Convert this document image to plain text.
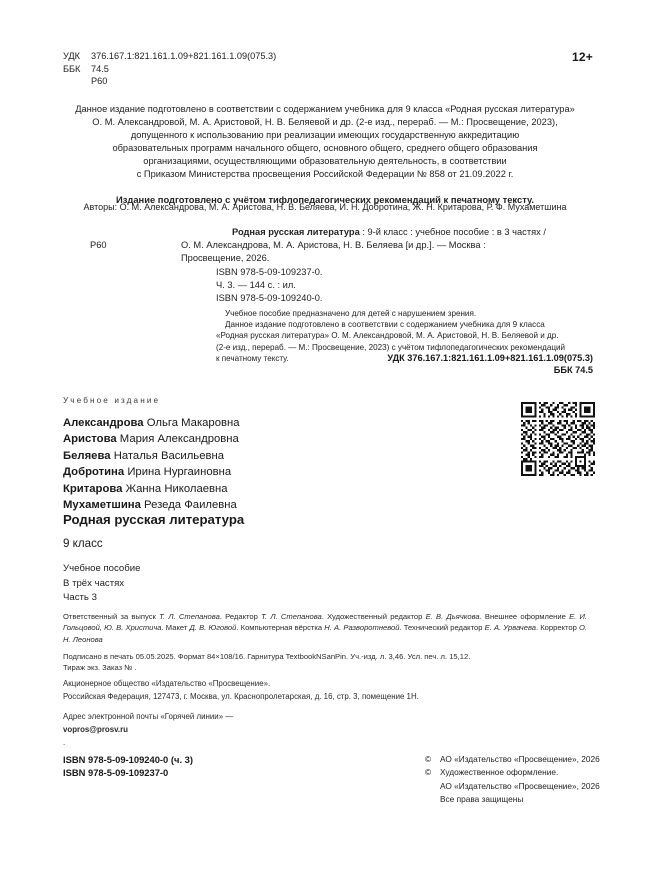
УДК 376.167.1:821.161.1.09+821.161.1.09(075.3)
ББК 74.5
Р60
12+
Данное издание подготовлено в соответствии с содержанием учебника для 9 класса «Родная русская литература»
О. М. Александровой, М. А. Аристовой, Н. В. Беляевой и др. (2-е изд., перераб. — М.: Просвещение, 2023),
допущенного к использованию при реализации имеющих государственную аккредитацию
образовательных программ начального общего, основного общего, среднего общего образования
организациями, осуществляющими образовательную деятельность, в соответствии
с Приказом Министерства просвещения Российской Федерации № 858 от 21.09.2022 г.
Издание подготовлено с учётом тифлопедагогических рекомендаций к печатному тексту.
Авторы: О. М. Александрова, М. А. Аристова, Н. В. Беляева, И. Н. Добротина, Ж. Н. Критарова, Р. Ф. Мухаметшина
Р60
Родная русская литература : 9-й класс : учебное пособие : в 3 частях /
О. М. Александрова, М. А. Аристова, Н. В. Беляева [и др.]. — Москва :
Просвещение, 2026.
ISBN 978-5-09-109237-0.
Ч. 3. — 144 с. : ил.
ISBN 978-5-09-109240-0.
Учебное пособие предназначено для детей с нарушением зрения.
Данное издание подготовлено в соответствии с содержанием учебника для 9 класса
«Родная русская литература» О. М. Александровой, М. А. Аристовой, Н. В. Беляевой и др.
(2-е изд., перераб. — М.: Просвещение, 2023) с учётом тифлопедагогических рекомендаций
к печатному тексту.	УДК 376.167.1:821.161.1.09+821.161.1.09(075.3)
ББК 74.5
Учебное издание
Александрова Ольга Макаровна
Аристова Мария Александровна
Беляева Наталья Васильевна
Добротина Ирина Нургаиновна
Критарова Жанна Николаевна
Мухаметшина Резеда Фаилевна
Родная русская литература
9 класс
Учебное пособие
В трёх частях
Часть 3
Ответственный за выпуск Т. Л. Степанова. Редактор Т. Л. Степанова. Художественный редактор Е. В. Дьячкова. Внешнее оформление Е. И. Гольцовой, Ю. В. Христича. Макет Д. В. Юговой. Компьютерная вёрстка Н. А. Разворотневой. Технический редактор Е. А. Урвачева. Корректор О. Н. Леонова
Подписано в печать 05.05.2025. Формат 84×108/16. Гарнитура TextbookNSanPin. Уч.-изд. л. 3,46. Усл. печ. л. 15,12.
Тираж экз. Заказ № .
Акционерное общество «Издательство «Просвещение».
Российская Федерация, 127473, г. Москва, ул. Краснопролетарская, д. 16, стр. 3, помещение 1Н.
Адрес электронной почты «Горячей линии» —
vopros@prosv.ru
.
ISBN 978-5-09-109240-0 (ч. 3)
ISBN 978-5-09-109237-0
© АО «Издательство «Просвещение», 2026
© Художественное оформление.
АО «Издательство «Просвещение», 2026
Все права защищены
